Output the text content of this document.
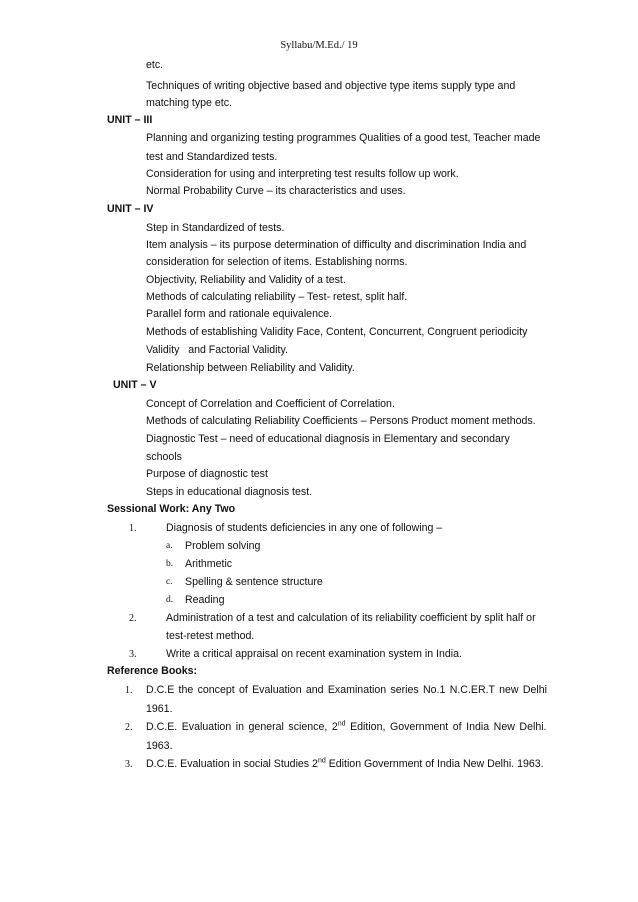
Syllabu/M.Ed./ 19
etc.
Techniques of writing objective based and objective type items supply type and
matching type etc.
UNIT – III
Planning and organizing testing programmes Qualities of a good test, Teacher made
test and Standardized tests.
Consideration for using and interpreting test results follow up work.
Normal Probability Curve – its characteristics and uses.
UNIT – IV
Step in Standardized of tests.
Item analysis – its purpose determination of difficulty and discrimination India and
consideration for selection of items. Establishing norms.
Objectivity, Reliability and Validity of a test.
Methods of calculating reliability – Test- retest, split half.
Parallel form and rationale equivalence.
Methods of establishing Validity Face, Content, Concurrent, Congruent periodicity
Validity   and Factorial Validity.
Relationship between Reliability and Validity.
UNIT – V
Concept of Correlation and Coefficient of Correlation.
Methods of calculating Reliability Coefficients – Persons Product moment methods.
Diagnostic Test – need of educational diagnosis in Elementary and secondary
schools
Purpose of diagnostic test
Steps in educational diagnosis test.
Sessional Work: Any Two
1.	Diagnosis of students deficiencies in any one of following –
a. Problem solving
b. Arithmetic
c. Spelling & sentence structure
d. Reading
2.	Administration of a test and calculation of its reliability coefficient by split half or
test-retest method.
3.	Write a critical appraisal on recent examination system in India.
Reference Books:
1. D.C.E the concept of Evaluation and Examination series No.1 N.C.ER.T new Delhi
1961.
2. D.C.E. Evaluation in general science, 2nd Edition, Government of India New Delhi.
1963.
3. D.C.E. Evaluation in social Studies 2nd Edition Government of India New Delhi. 1963.
